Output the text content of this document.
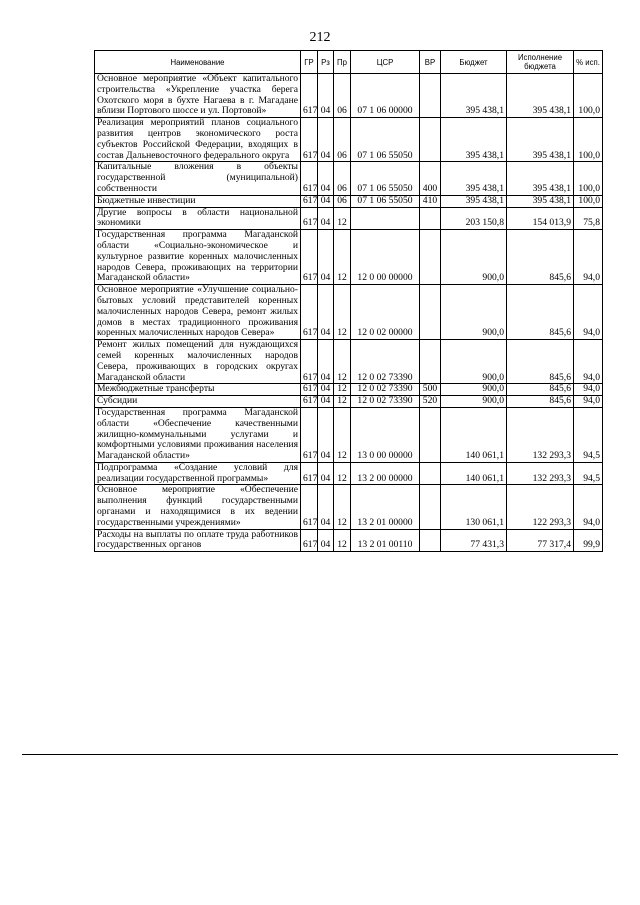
212
Наименование	ГР	Рз	Пр	ЦСР	ВР	Бюджет	Исполнение бюджета	% исп.
Основное мероприятие «Объект капитального строительства «Укрепление участка берега Охотского моря в бухте Нагаева в г. Магадане вблизи Портового шоссе и ул. Портовой»	617	04	06	07 1 06 00000		395 438,1	395 438,1	100,0
Реализация мероприятий планов социального развития центров экономического роста субъектов Российской Федерации, входящих в состав Дальневосточного федерального округа	617	04	06	07 1 06 55050		395 438,1	395 438,1	100,0
Капитальные вложения в объекты государственной (муниципальной) собственности	617	04	06	07 1 06 55050	400	395 438,1	395 438,1	100,0
Бюджетные инвестиции	617	04	06	07 1 06 55050	410	395 438,1	395 438,1	100,0
Другие вопросы в области национальной экономики	617	04	12			203 150,8	154 013,9	75,8
Государственная программа Магаданской области «Социально-экономическое и культурное развитие коренных малочисленных народов Севера, проживающих на территории Магаданской области»	617	04	12	12 0 00 00000		900,0	845,6	94,0
Основное мероприятие «Улучшение социально-бытовых условий представителей коренных малочисленных народов Севера, ремонт жилых домов в местах традиционного проживания коренных малочисленных народов Севера»	617	04	12	12 0 02 00000		900,0	845,6	94,0
Ремонт жилых помещений для нуждающихся семей коренных малочисленных народов Севера, проживающих в городских округах Магаданской области	617	04	12	12 0 02 73390		900,0	845,6	94,0
Межбюджетные трансферты	617	04	12	12 0 02 73390	500	900,0	845,6	94,0
Субсидии	617	04	12	12 0 02 73390	520	900,0	845,6	94,0
Государственная программа Магаданской области «Обеспечение качественными жилищно-коммунальными услугами и комфортными условиями проживания населения Магаданской области»	617	04	12	13 0 00 00000		140 061,1	132 293,3	94,5
Подпрограмма «Создание условий для реализации государственной программы»	617	04	12	13 2 00 00000		140 061,1	132 293,3	94,5
Основное мероприятие «Обеспечение выполнения функций государственными органами и находящимися в их ведении государственными учреждениями»	617	04	12	13 2 01 00000		130 061,1	122 293,3	94,0
Расходы на выплаты по оплате труда работников государственных органов	617	04	12	13 2 01 00110		77 431,3	77 317,4	99,9
